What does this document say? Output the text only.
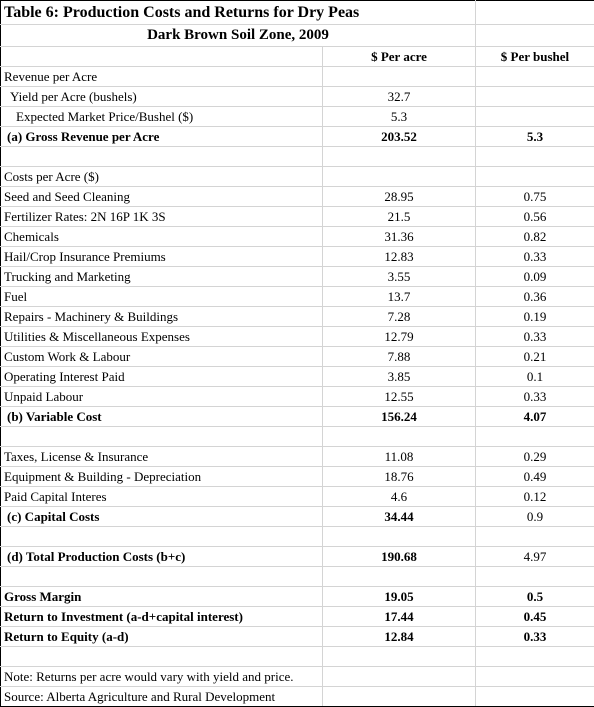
Table 6: Production Costs and Returns for Dry Peas		
Dark Brown Soil Zone, 2009		
	$ Per acre	$ Per bushel
Revenue per Acre		
Yield per Acre (bushels)	32.7	
Expected Market Price/Bushel ($)	5.3	
(a) Gross Revenue per Acre	203.52	5.3

Costs per Acre ($)		
Seed and Seed Cleaning	28.95	0.75
Fertilizer Rates: 2N 16P 1K 3S	21.5	0.56
Chemicals	31.36	0.82
Hail/Crop Insurance Premiums	12.83	0.33
Trucking and Marketing	3.55	0.09
Fuel	13.7	0.36
Repairs - Machinery & Buildings	7.28	0.19
Utilities & Miscellaneous Expenses	12.79	0.33
Custom Work & Labour	7.88	0.21
Operating Interest Paid	3.85	0.1
Unpaid Labour	12.55	0.33
(b) Variable Cost	156.24	4.07

Taxes, License & Insurance	11.08	0.29
Equipment & Building - Depreciation	18.76	0.49
Paid Capital Interes	4.6	0.12
(c) Capital Costs	34.44	0.9

(d) Total Production Costs (b+c)	190.68	4.97

Gross Margin	19.05	0.5
Return to Investment (a-d+capital interest)	17.44	0.45
Return to Equity (a-d)	12.84	0.33

Note: Returns per acre would vary with yield and price.		
Source: Alberta Agriculture and Rural Development		
